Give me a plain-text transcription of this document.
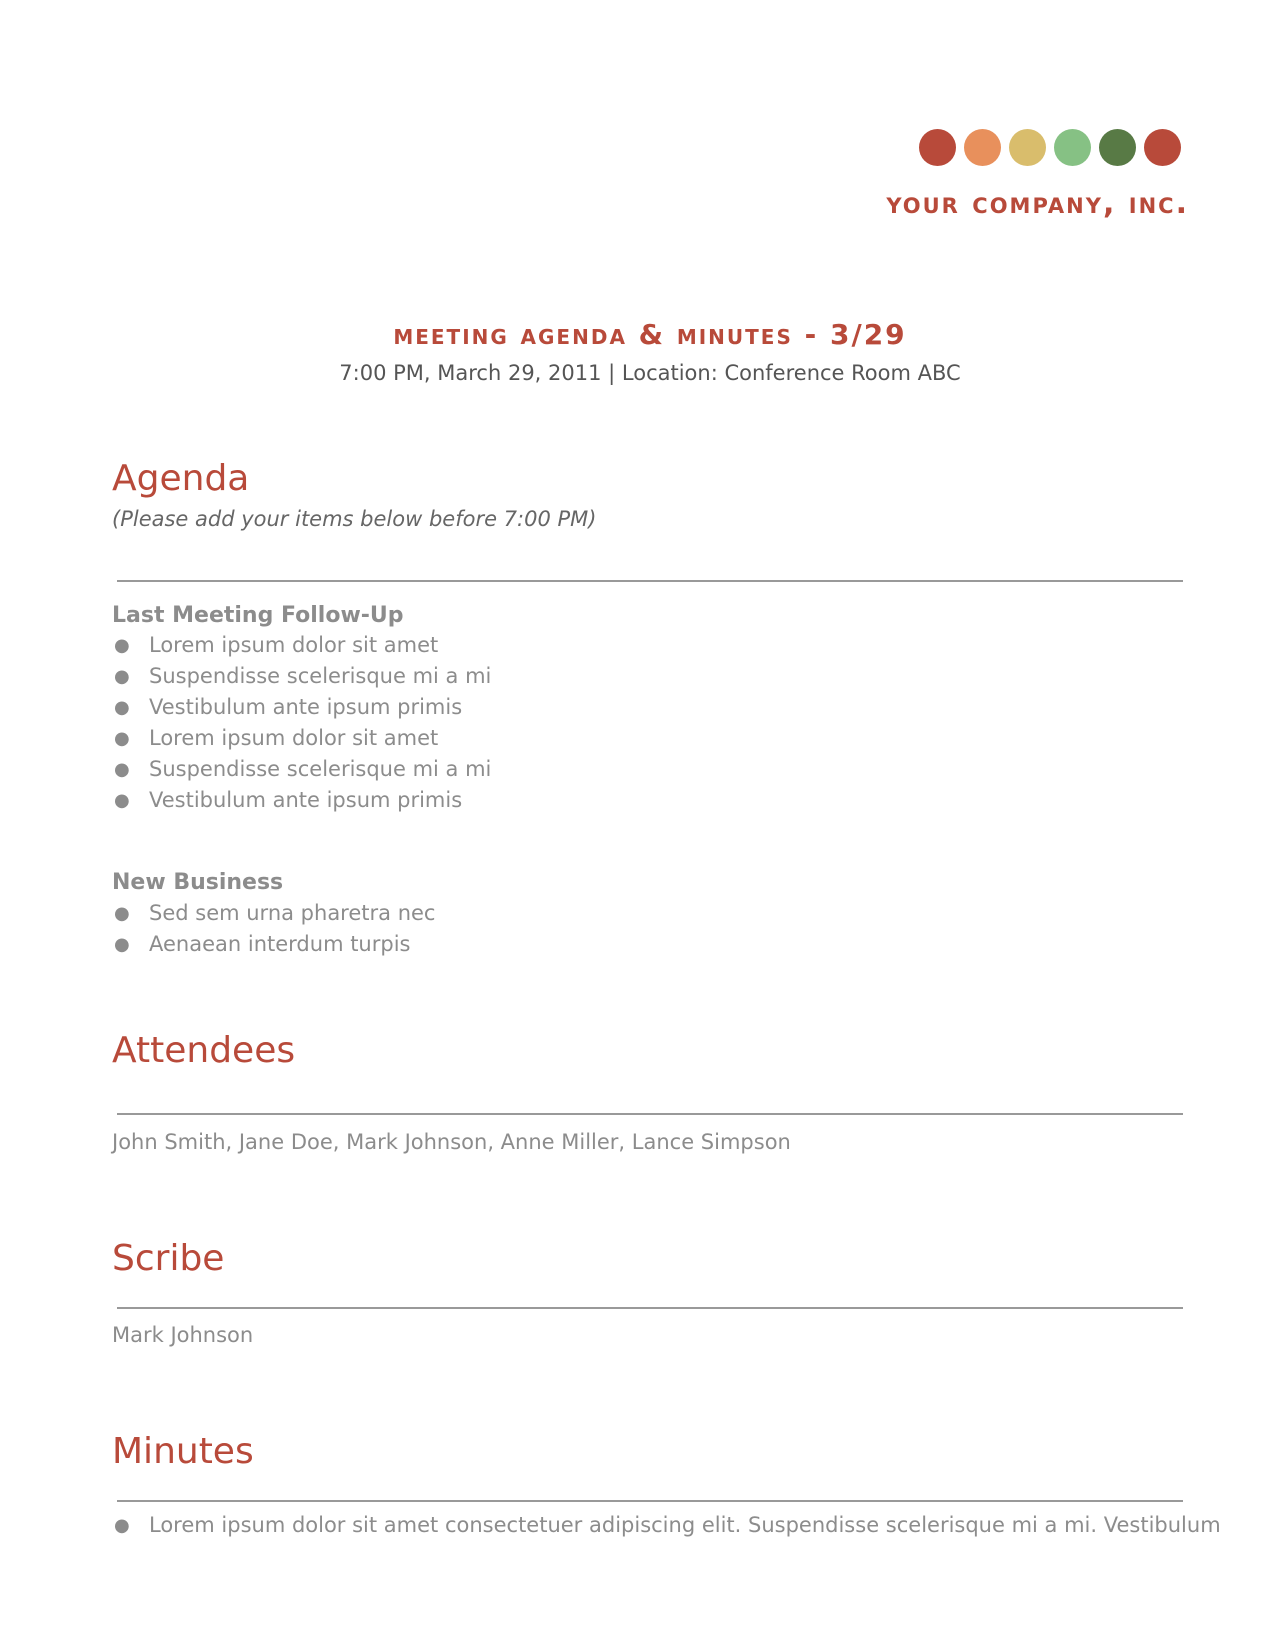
your company, inc.
meeting agenda & minutes - 3/29
7:00 PM, March 29, 2011 | Location: Conference Room ABC
Agenda
(Please add your items below before 7:00 PM)
Last Meeting Follow-Up
● Lorem ipsum dolor sit amet
● Suspendisse scelerisque mi a mi
● Vestibulum ante ipsum primis
● Lorem ipsum dolor sit amet
● Suspendisse scelerisque mi a mi
● Vestibulum ante ipsum primis
New Business
● Sed sem urna pharetra nec
● Aenaean interdum turpis
Attendees
John Smith, Jane Doe, Mark Johnson, Anne Miller, Lance Simpson
Scribe
Mark Johnson
Minutes
● Lorem ipsum dolor sit amet consectetuer adipiscing elit. Suspendisse scelerisque mi a mi. Vestibulum
